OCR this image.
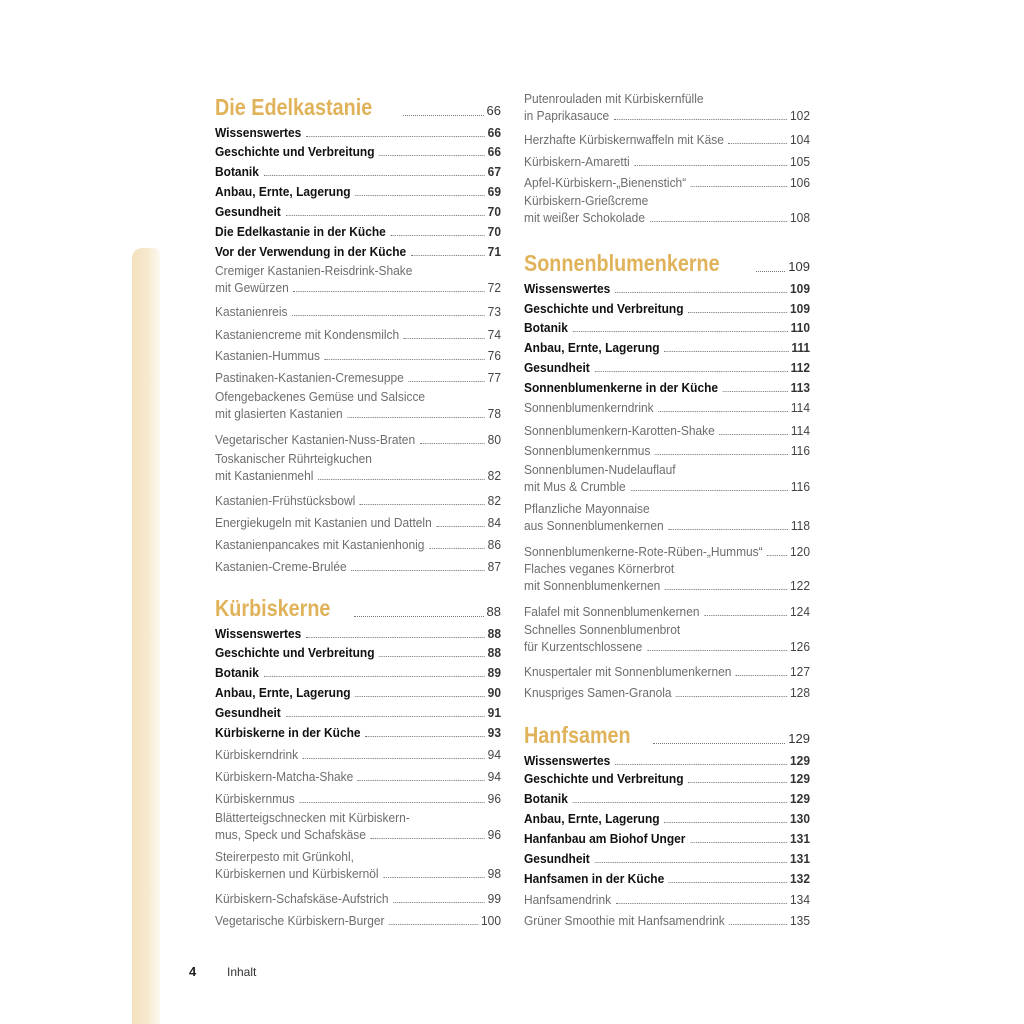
Die Edelkastanie	66
Wissenswertes	66
Geschichte und Verbreitung	66
Botanik	67
Anbau, Ernte, Lagerung	69
Gesundheit	70
Die Edelkastanie in der Küche	70
Vor der Verwendung in der Küche	71
Cremiger Kastanien-Reisdrink-Shake
mit Gewürzen	72
Kastanienreis	73
Kastaniencreme mit Kondensmilch	74
Kastanien-Hummus	76
Pastinaken-Kastanien-Cremesuppe	77
Ofengebackenes Gemüse und Salsicce
mit glasierten Kastanien	78
Vegetarischer Kastanien-Nuss-Braten	80
Toskanischer Rührteigkuchen
mit Kastanienmehl	82
Kastanien-Frühstücksbowl	82
Energiekugeln mit Kastanien und Datteln	84
Kastanienpancakes mit Kastanienhonig	86
Kastanien-Creme-Brulée	87
Kürbiskerne	88
Wissenswertes	88
Geschichte und Verbreitung	88
Botanik	89
Anbau, Ernte, Lagerung	90
Gesundheit	91
Kürbiskerne in der Küche	93
Kürbiskerndrink	94
Kürbiskern-Matcha-Shake	94
Kürbiskernmus	96
Blätterteigschnecken mit Kürbiskern-
mus, Speck und Schafskäse	96
Steirerpesto mit Grünkohl,
Kürbiskernen und Kürbiskernöl	98
Kürbiskern-Schafskäse-Aufstrich	99
Vegetarische Kürbiskern-Burger	100
Putenrouladen mit Kürbiskernfülle
in Paprikasauce	102
Herzhafte Kürbiskernwaffeln mit Käse	104
Kürbiskern-Amaretti	105
Apfel-Kürbiskern-„Bienenstich“	106
Kürbiskern-Grießcreme
mit weißer Schokolade	108
Sonnenblumenkerne	109
Wissenswertes	109
Geschichte und Verbreitung	109
Botanik	110
Anbau, Ernte, Lagerung	111
Gesundheit	112
Sonnenblumenkerne in der Küche	113
Sonnenblumenkerndrink	114
Sonnenblumenkern-Karotten-Shake	114
Sonnenblumenkernmus	116
Sonnenblumen-Nudelauflauf
mit Mus & Crumble	116
Pflanzliche Mayonnaise
aus Sonnenblumenkernen	118
Sonnenblumenkerne-Rote-Rüben-„Hummus“ 120
Flaches veganes Körnerbrot
mit Sonnenblumenkernen	122
Falafel mit Sonnenblumenkernen	124
Schnelles Sonnenblumenbrot
für Kurzentschlossene	126
Knuspertaler mit Sonnenblumenkernen	127
Knuspriges Samen-Granola	128
Hanfsamen	129
Wissenswertes	129
Geschichte und Verbreitung	129
Botanik	129
Anbau, Ernte, Lagerung	130
Hanfanbau am Biohof Unger	131
Gesundheit	131
Hanfsamen in der Küche	132
Hanfsamendrink	134
Grüner Smoothie mit Hanfsamendrink	135
4	Inhalt
